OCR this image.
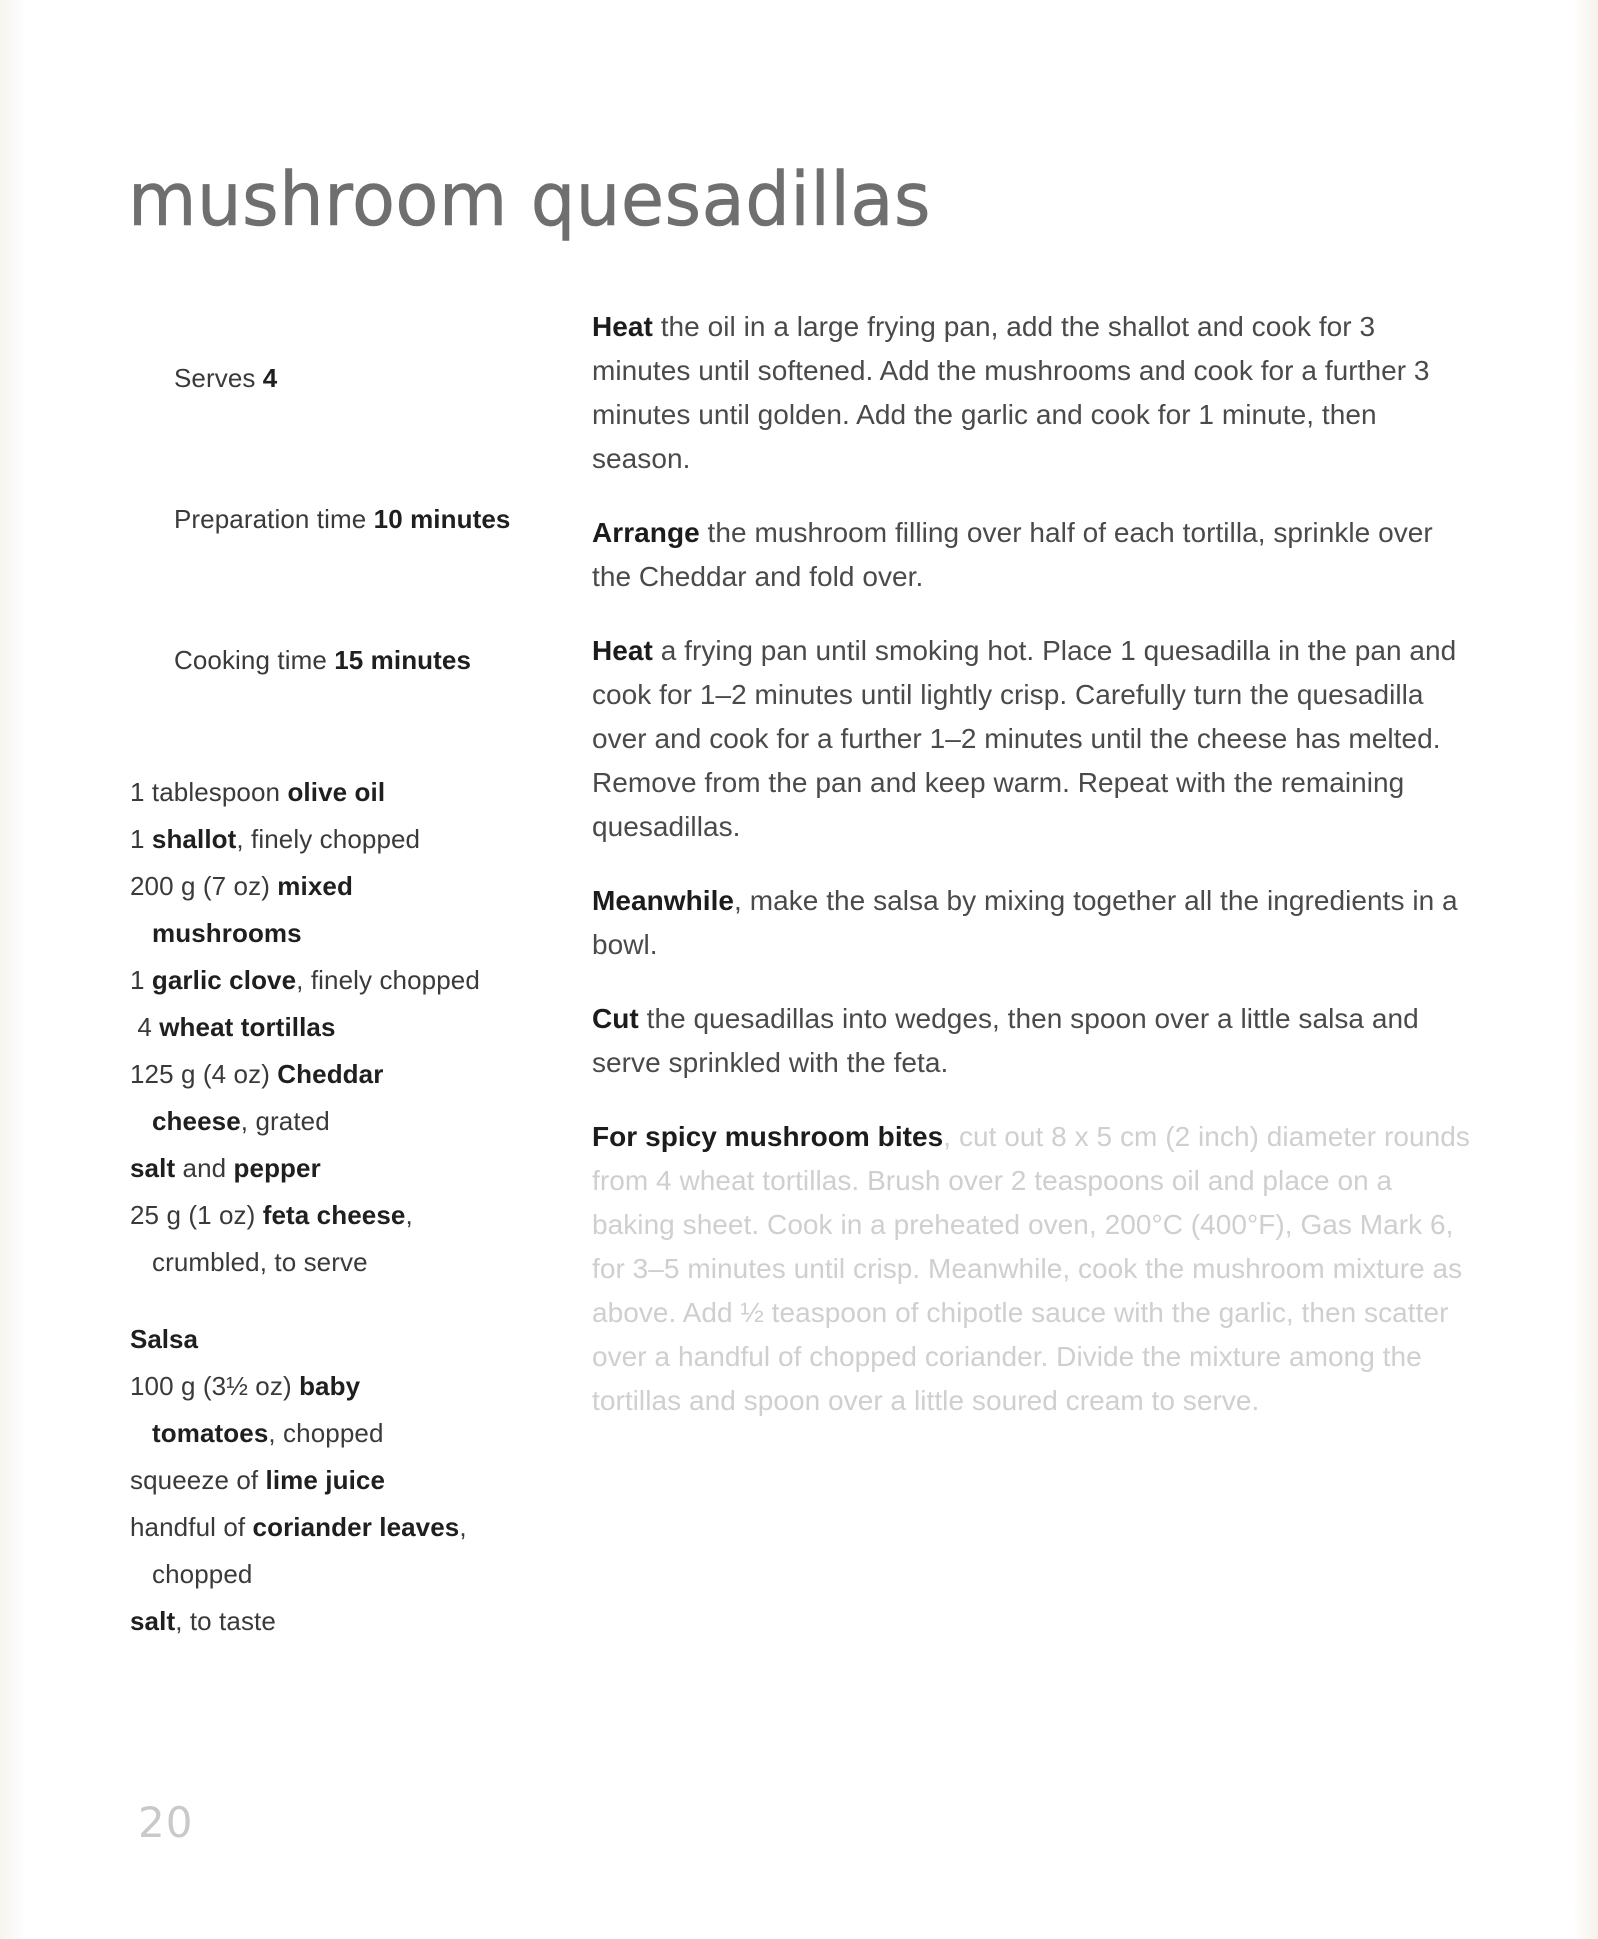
mushroom quesadillas

Serves 4

Preparation time 10 minutes

Cooking time 15 minutes

1 tablespoon olive oil
1 shallot, finely chopped
200 g (7 oz) mixed
mushrooms
1 garlic clove, finely chopped
4 wheat tortillas
125 g (4 oz) Cheddar
cheese, grated
salt and pepper
25 g (1 oz) feta cheese,
crumbled, to serve
Salsa
100 g (3½ oz) baby
tomatoes, chopped
squeeze of lime juice
handful of coriander leaves,
chopped
salt, to taste

Heat the oil in a large frying pan, add the shallot and cook for 3 minutes until softened. Add the mushrooms and cook for a further 3 minutes until golden. Add the garlic and cook for 1 minute, then season.

Arrange the mushroom filling over half of each tortilla, sprinkle over the Cheddar and fold over.

Heat a frying pan until smoking hot. Place 1 quesadilla in the pan and cook for 1–2 minutes until lightly crisp. Carefully turn the quesadilla over and cook for a further 1–2 minutes until the cheese has melted. Remove from the pan and keep warm. Repeat with the remaining quesadillas.

Meanwhile, make the salsa by mixing together all the ingredients in a bowl.

Cut the quesadillas into wedges, then spoon over a little salsa and serve sprinkled with the feta.

For spicy mushroom bites, cut out 8 x 5 cm (2 inch) diameter rounds from 4 wheat tortillas. Brush over 2 teaspoons oil and place on a baking sheet. Cook in a preheated oven, 200°C (400°F), Gas Mark 6, for 3–5 minutes until crisp. Meanwhile, cook the mushroom mixture as above. Add ½ teaspoon of chipotle sauce with the garlic, then scatter over a handful of chopped coriander. Divide the mixture among the tortillas and spoon over a little soured cream to serve.

20
